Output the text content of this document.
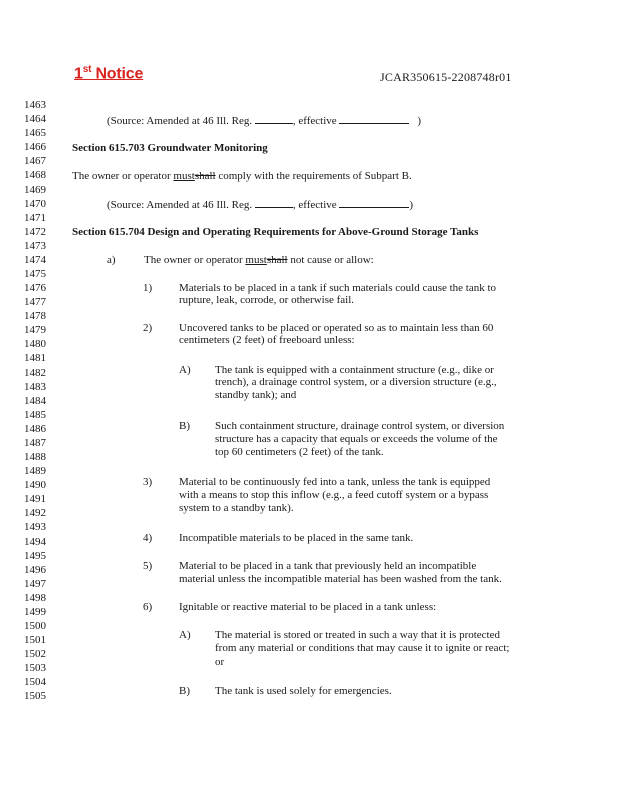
1st Notice	JCAR350615-2208748r01
1463
1464
1465
1466
1467
1468
1469
1470
1471
1472
1473
1474
1475
1476
1477
1478
1479
1480
1481
1482
1483
1484
1485
1486
1487
1488
1489
1490
1491
1492
1493
1494
1495
1496
1497
1498
1499
1500
1501
1502
1503
1504
1505
(Source: Amended at 46 Ill. Reg.	, effective	)
Section 615.703 Groundwater Monitoring
The owner or operator mustshall comply with the requirements of Subpart B.
(Source: Amended at 46 Ill. Reg.	, effective	)
Section 615.704 Design and Operating Requirements for Above-Ground Storage Tanks
a)	The owner or operator mustshall not cause or allow:
1) Materials to be placed in a tank if such materials could cause the tank to
rupture, leak, corrode, or otherwise fail.
2) Uncovered tanks to be placed or operated so as to maintain less than 60
centimeters (2 feet) of freeboard unless:
A) The tank is equipped with a containment structure (e.g., dike or
trench), a drainage control system, or a diversion structure (e.g.,
standby tank); and
B) Such containment structure, drainage control system, or diversion
structure has a capacity that equals or exceeds the volume of the
top 60 centimeters (2 feet) of the tank.
3) Material to be continuously fed into a tank, unless the tank is equipped
with a means to stop this inflow (e.g., a feed cutoff system or a bypass
system to a standby tank).
4) Incompatible materials to be placed in the same tank.
5) Material to be placed in a tank that previously held an incompatible
material unless the incompatible material has been washed from the tank.
6) Ignitable or reactive material to be placed in a tank unless:
A) The material is stored or treated in such a way that it is protected
from any material or conditions that may cause it to ignite or react;
or
B) The tank is used solely for emergencies.
